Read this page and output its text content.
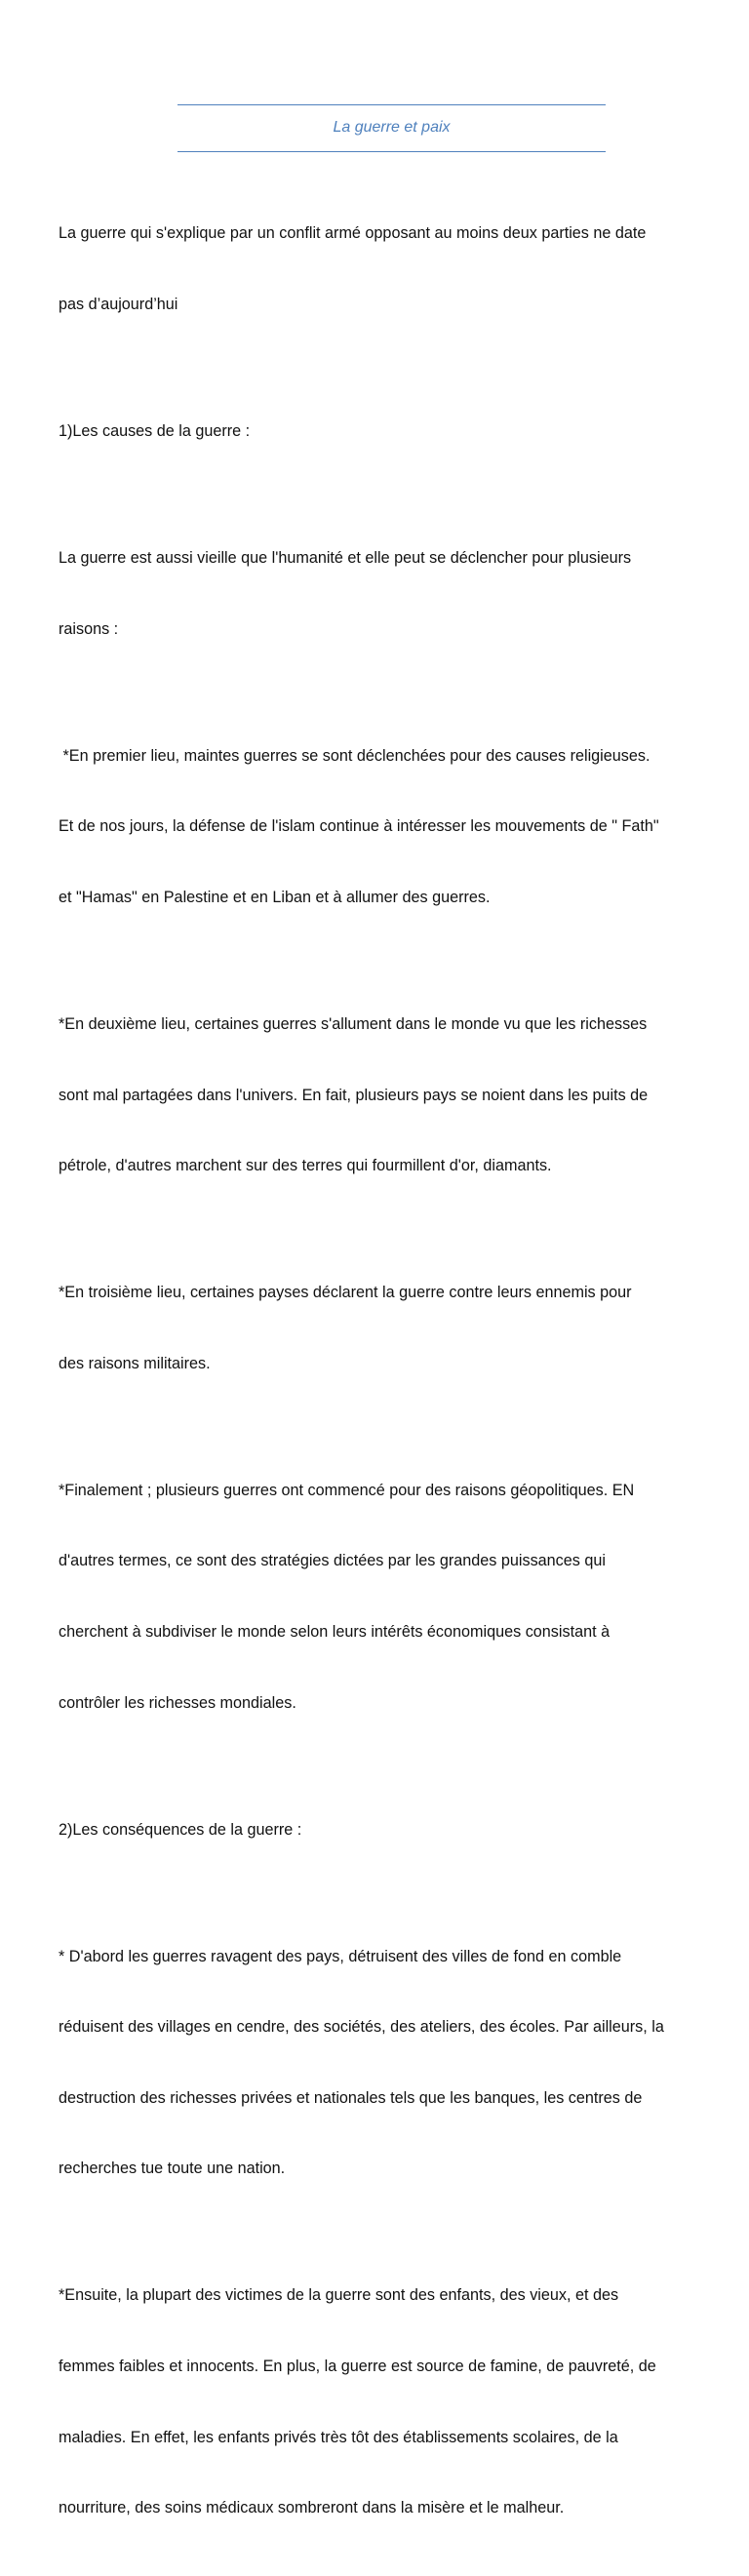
La guerre et paix

La guerre qui s'explique par un conflit armé opposant au moins deux parties ne date

pas d’aujourd’hui

1)Les causes de la guerre :

La guerre est aussi vieille que l'humanité et elle peut se déclencher pour plusieurs

raisons :

*En premier lieu, maintes guerres se sont déclenchées pour des causes religieuses.

Et de nos jours, la défense de l'islam continue à intéresser les mouvements de " Fath"

et "Hamas" en Palestine et en Liban et à allumer des guerres.

*En deuxième lieu, certaines guerres s'allument dans le monde vu que les richesses

sont mal partagées dans l'univers. En fait, plusieurs pays se noient dans les puits de

pétrole, d'autres marchent sur des terres qui fourmillent d'or, diamants.

*En troisième lieu, certaines payses déclarent la guerre contre leurs ennemis pour

des raisons militaires.

*Finalement ; plusieurs guerres ont commencé pour des raisons géopolitiques. EN

d'autres termes, ce sont des stratégies dictées par les grandes puissances qui

cherchent à subdiviser le monde selon leurs intérêts économiques consistant à

contrôler les richesses mondiales.

2)Les conséquences de la guerre :

* D'abord les guerres ravagent des pays, détruisent des villes de fond en comble

réduisent des villages en cendre, des sociétés, des ateliers, des écoles. Par ailleurs, la

destruction des richesses privées et nationales tels que les banques, les centres de

recherches tue toute une nation.

*Ensuite, la plupart des victimes de la guerre sont des enfants, des vieux, et des

femmes faibles et innocents. En plus, la guerre est source de famine, de pauvreté, de

maladies. En effet, les enfants privés très tôt des établissements scolaires, de la

nourriture, des soins médicaux sombreront dans la misère et le malheur.
